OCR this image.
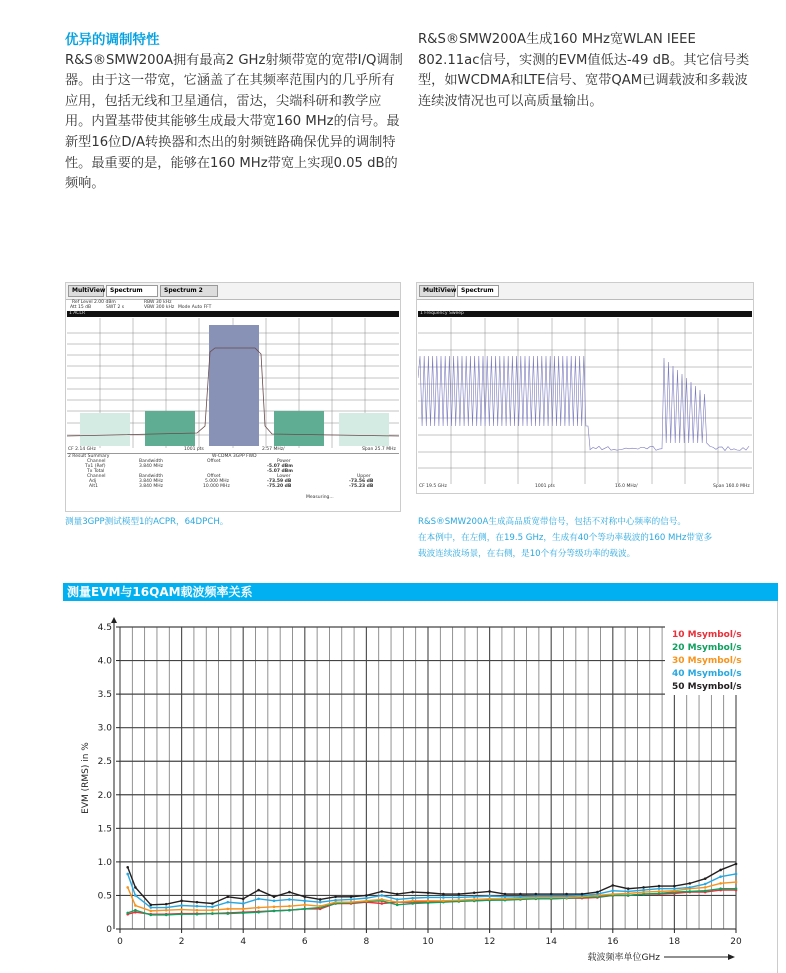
优异的调制特性

R&S®SMW200A拥有最高2 GHz射频带宽的宽带I/Q调制器。由于这一带宽，它涵盖了在其频率范围内的几乎所有应用，包括无线和卫星通信，雷达，尖端科研和教学应用。内置基带使其能够生成最大带宽160 MHz的信号。最新型16位D/A转换器和杰出的射频链路确保优异的调制特性。最重要的是，能够在160 MHz带宽上实现0.05 dB的频响。

R&S®SMW200A生成160 MHz宽WLAN IEEE 802.11ac信号，实测的EVM值低达-49 dB。其它信号类型，如WCDMA和LTE信号、宽带QAM已调载波和多载波连续波情况也可以高质量输出。

MultiView Spectrum	Spectrum 2
Ref Level 2.00 dBm
Att 15 dB	SWT 2 s
RBW 30 kHz
VBW 300 kHz Mode Auto FFT
1 ACLR
CF 2.14 GHz	1001 pts	2.57 MHz/	Span 25.7 MHz
2 Result Summary	W-CDMA 3GPP FWD
Channel	Bandwidth	Offset	Power
Tx1 (Ref)	3.840 MHz	-5.07 dBm
Tx Total	-5.07 dBm
Channel	Bandwidth	Offset	Lower	Upper
Adj	3.840 MHz	5.000 MHz	-73.59 dB	-73.56 dB
Alt1	3.840 MHz	10.000 MHz	-75.20 dB	-75.23 dB
Measuring...
MultiView Spectrum
1 Frequency Sweep
CF 19.5 GHz	1001 pts	16.0 MHz/	Span 160.0 MHz
测量3GPP测试模型1的ACPR，64DPCH。	R&S®SMW200A生成高品质宽带信号，包括不对称中心频率的信号。
在本例中，在左侧，在19.5 GHz，生成有40个等功率载波的160 MHz带宽多
载波连续波场景，在右侧，是10个有分等级功率的载波。
测量EVM与16QAM载波频率关系
0
0.5
1.0
1.5
2.0
2.5
3.0
3.5
4.0
4.5
0	2	4	6	8	10	12	14	16	18	20
EVM (RMS) in %
载波频率单位GHz
10 Msymbol/s
20 Msymbol/s
30 Msymbol/s
40 Msymbol/s
50 Msymbol/s
